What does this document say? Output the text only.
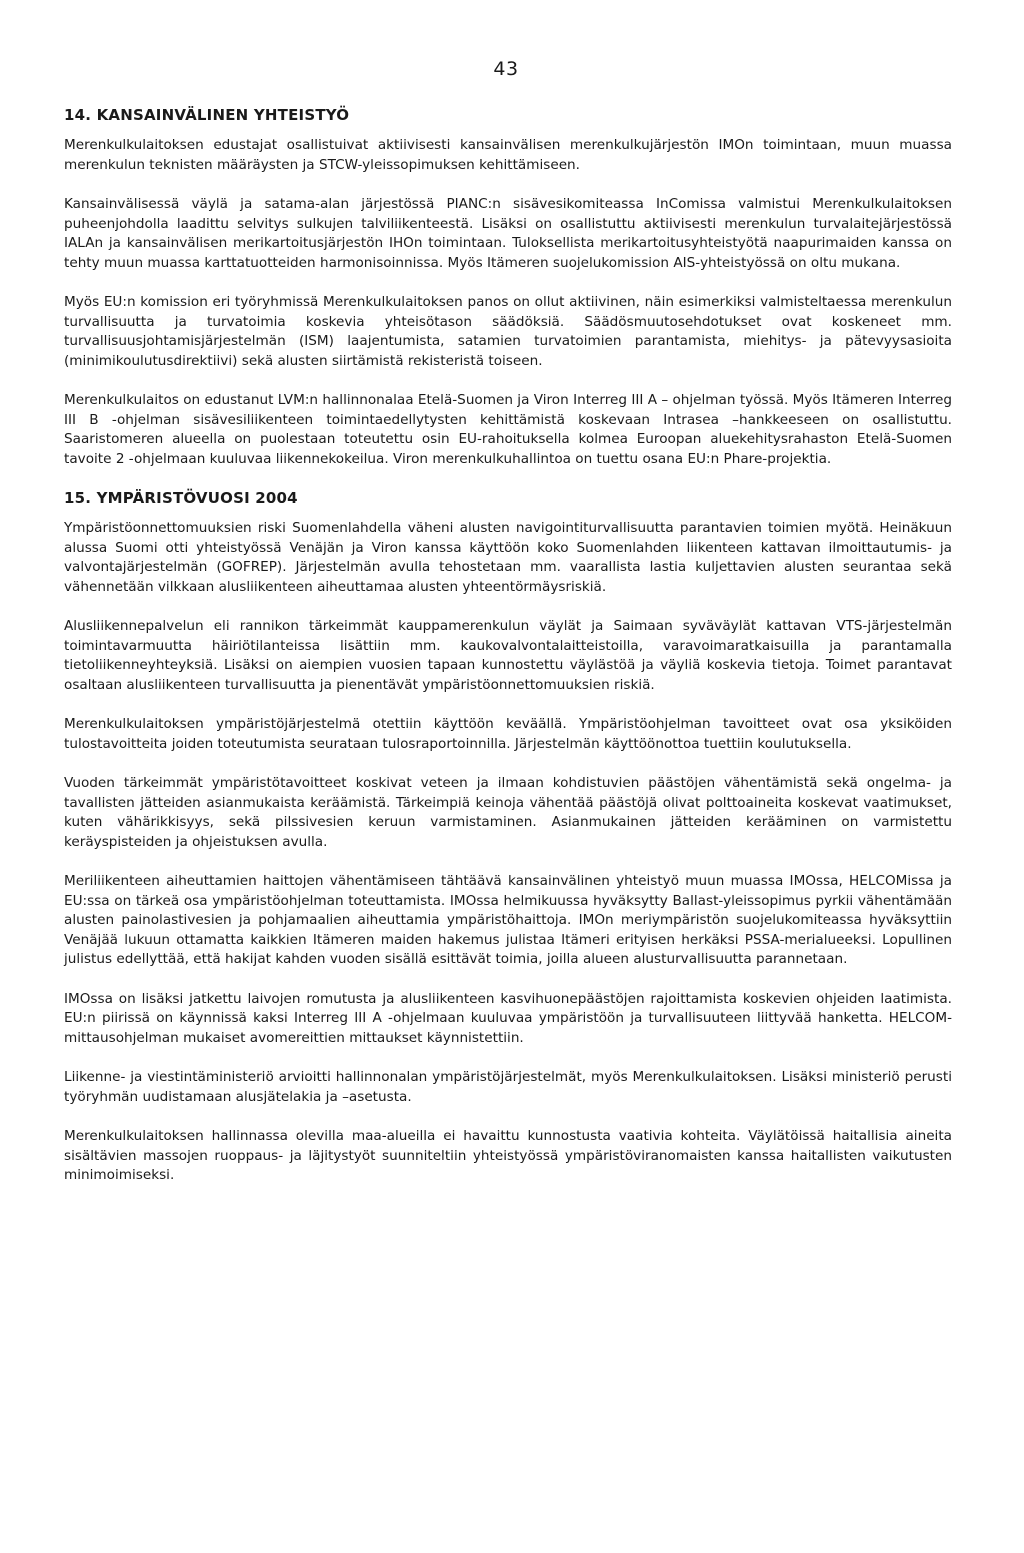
43
14. KANSAINVÄLINEN YHTEISTYÖ

Merenkulkulaitoksen edustajat osallistuivat aktiivisesti kansainvälisen merenkulkujärjestön IMOn toimintaan, muun muassa merenkulun teknisten määräysten ja STCW-yleissopimuksen kehittämiseen.

Kansainvälisessä väylä ja satama-alan järjestössä PIANC:n sisävesikomiteassa InComissa valmistui Merenkulkulaitoksen puheenjohdolla laadittu selvitys sulkujen talviliikenteestä. Lisäksi on osallistuttu aktiivisesti merenkulun turvalaitejärjestössä IALAn ja kansainvälisen merikartoitusjärjestön IHOn toimintaan. Tuloksellista merikartoitusyhteistyötä naapurimaiden kanssa on tehty muun muassa karttatuotteiden harmonisoinnissa. Myös Itämeren suojelukomission AIS-yhteistyössä on oltu mukana.

Myös EU:n komission eri työryhmissä Merenkulkulaitoksen panos on ollut aktiivinen, näin esimerkiksi valmisteltaessa merenkulun turvallisuutta ja turvatoimia koskevia yhteisötason säädöksiä. Säädösmuutosehdotukset ovat koskeneet mm. turvallisuusjohtamisjärjestelmän (ISM) laajentumista, satamien turvatoimien parantamista, miehitys- ja pätevyysasioita (minimikoulutusdirektiivi) sekä alusten siirtämistä rekisteristä toiseen.

Merenkulkulaitos on edustanut LVM:n hallinnonalaa Etelä-Suomen ja Viron Interreg III A – ohjelman työssä. Myös Itämeren Interreg III B -ohjelman sisävesiliikenteen toimintaedellytysten kehittämistä koskevaan Intrasea –hankkeeseen on osallistuttu. Saaristomeren alueella on puolestaan toteutettu osin EU-rahoituksella kolmea Euroopan aluekehitysrahaston Etelä-Suomen tavoite 2 -ohjelmaan kuuluvaa liikennekokeilua. Viron merenkulkuhallintoa on tuettu osana EU:n Phare-projektia.

15. YMPÄRISTÖVUOSI 2004

Ympäristöonnettomuuksien riski Suomenlahdella väheni alusten navigointiturvallisuutta parantavien toimien myötä. Heinäkuun alussa Suomi otti yhteistyössä Venäjän ja Viron kanssa käyttöön koko Suomenlahden liikenteen kattavan ilmoittautumis- ja valvontajärjestelmän (GOFREP). Järjestelmän avulla tehostetaan mm. vaarallista lastia kuljettavien alusten seurantaa sekä vähennetään vilkkaan alusliikenteen aiheuttamaa alusten yhteentörmäysriskiä.

Alusliikennepalvelun eli rannikon tärkeimmät kauppamerenkulun väylät ja Saimaan syväväylät kattavan VTS-järjestelmän toimintavarmuutta häiriötilanteissa lisättiin mm. kaukovalvontalaitteistoilla, varavoimaratkaisuilla ja parantamalla tietoliikenneyhteyksiä. Lisäksi on aiempien vuosien tapaan kunnostettu väylästöä ja väyliä koskevia tietoja. Toimet parantavat osaltaan alusliikenteen turvallisuutta ja pienentävät ympäristöonnettomuuksien riskiä.

Merenkulkulaitoksen ympäristöjärjestelmä otettiin käyttöön keväällä. Ympäristöohjelman tavoitteet ovat osa yksiköiden tulostavoitteita joiden toteutumista seurataan tulosraportoinnilla. Järjestelmän käyttöönottoa tuettiin koulutuksella.

Vuoden tärkeimmät ympäristötavoitteet koskivat veteen ja ilmaan kohdistuvien päästöjen vähentämistä sekä ongelma- ja tavallisten jätteiden asianmukaista keräämistä. Tärkeimpiä keinoja vähentää päästöjä olivat polttoaineita koskevat vaatimukset, kuten vähärikkisyys, sekä pilssivesien keruun varmistaminen. Asianmukainen jätteiden kerääminen on varmistettu keräyspisteiden ja ohjeistuksen avulla.

Meriliikenteen aiheuttamien haittojen vähentämiseen tähtäävä kansainvälinen yhteistyö muun muassa IMOssa, HELCOMissa ja EU:ssa on tärkeä osa ympäristöohjelman toteuttamista. IMOssa helmikuussa hyväksytty Ballast-yleissopimus pyrkii vähentämään alusten painolastivesien ja pohjamaalien aiheuttamia ympäristöhaittoja. IMOn meriympäristön suojelukomiteassa hyväksyttiin Venäjää lukuun ottamatta kaikkien Itämeren maiden hakemus julistaa Itämeri erityisen herkäksi PSSA-merialueeksi. Lopullinen julistus edellyttää, että hakijat kahden vuoden sisällä esittävät toimia, joilla alueen alusturvallisuutta parannetaan.

IMOssa on lisäksi jatkettu laivojen romutusta ja alusliikenteen kasvihuonepäästöjen rajoittamista koskevien ohjeiden laatimista. EU:n piirissä on käynnissä kaksi Interreg III A -ohjelmaan kuuluvaa ympäristöön ja turvallisuuteen liittyvää hanketta. HELCOM-mittausohjelman mukaiset avomereittien mittaukset käynnistettiin.

Liikenne- ja viestintäministeriö arvioitti hallinnonalan ympäristöjärjestelmät, myös Merenkulkulaitoksen. Lisäksi ministeriö perusti työryhmän uudistamaan alusjätelakia ja –asetusta.

Merenkulkulaitoksen hallinnassa olevilla maa-alueilla ei havaittu kunnostusta vaativia kohteita. Väylätöissä haitallisia aineita sisältävien massojen ruoppaus- ja läjitystyöt suunniteltiin yhteistyössä ympäristöviranomaisten kanssa haitallisten vaikutusten minimoimiseksi.
